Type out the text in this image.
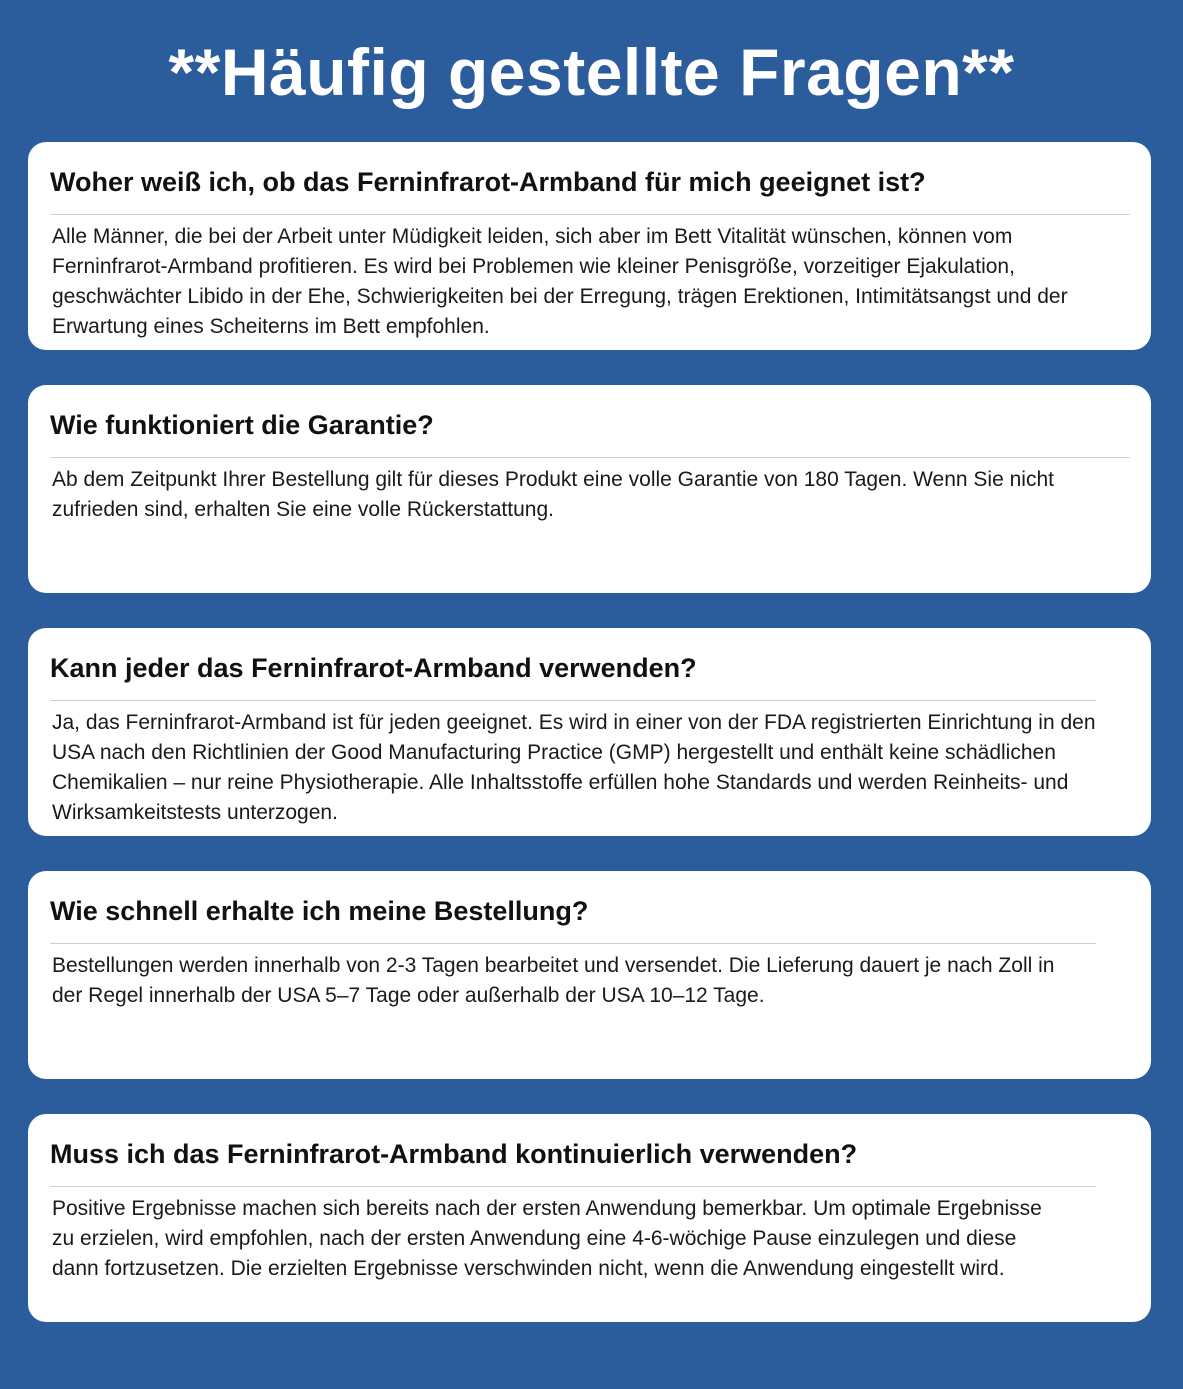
**Häufig gestellte Fragen**
Woher weiß ich, ob das Ferninfrarot-Armband für mich geeignet ist?

Alle Männer, die bei der Arbeit unter Müdigkeit leiden, sich aber im Bett Vitalität wünschen, können vom Ferninfrarot-Armband profitieren. Es wird bei Problemen wie kleiner Penisgröße, vorzeitiger Ejakulation, geschwächter Libido in der Ehe, Schwierigkeiten bei der Erregung, trägen Erektionen, Intimitätsangst und der Erwartung eines Scheiterns im Bett empfohlen.

Wie funktioniert die Garantie?

Ab dem Zeitpunkt Ihrer Bestellung gilt für dieses Produkt eine volle Garantie von 180 Tagen. Wenn Sie nicht zufrieden sind, erhalten Sie eine volle Rückerstattung.

Kann jeder das Ferninfrarot-Armband verwenden?

Ja, das Ferninfrarot-Armband ist für jeden geeignet. Es wird in einer von der FDA registrierten Einrichtung in den USA nach den Richtlinien der Good Manufacturing Practice (GMP) hergestellt und enthält keine schädlichen Chemikalien – nur reine Physiotherapie. Alle Inhaltsstoffe erfüllen hohe Standards und werden Reinheits- und Wirksamkeitstests unterzogen.

Wie schnell erhalte ich meine Bestellung?

Bestellungen werden innerhalb von 2-3 Tagen bearbeitet und versendet. Die Lieferung dauert je nach Zoll in der Regel innerhalb der USA 5–7 Tage oder außerhalb der USA 10–12 Tage.

Muss ich das Ferninfrarot-Armband kontinuierlich verwenden?

Positive Ergebnisse machen sich bereits nach der ersten Anwendung bemerkbar. Um optimale Ergebnisse zu erzielen, wird empfohlen, nach der ersten Anwendung eine 4-6-wöchige Pause einzulegen und diese dann fortzusetzen. Die erzielten Ergebnisse verschwinden nicht, wenn die Anwendung eingestellt wird.
